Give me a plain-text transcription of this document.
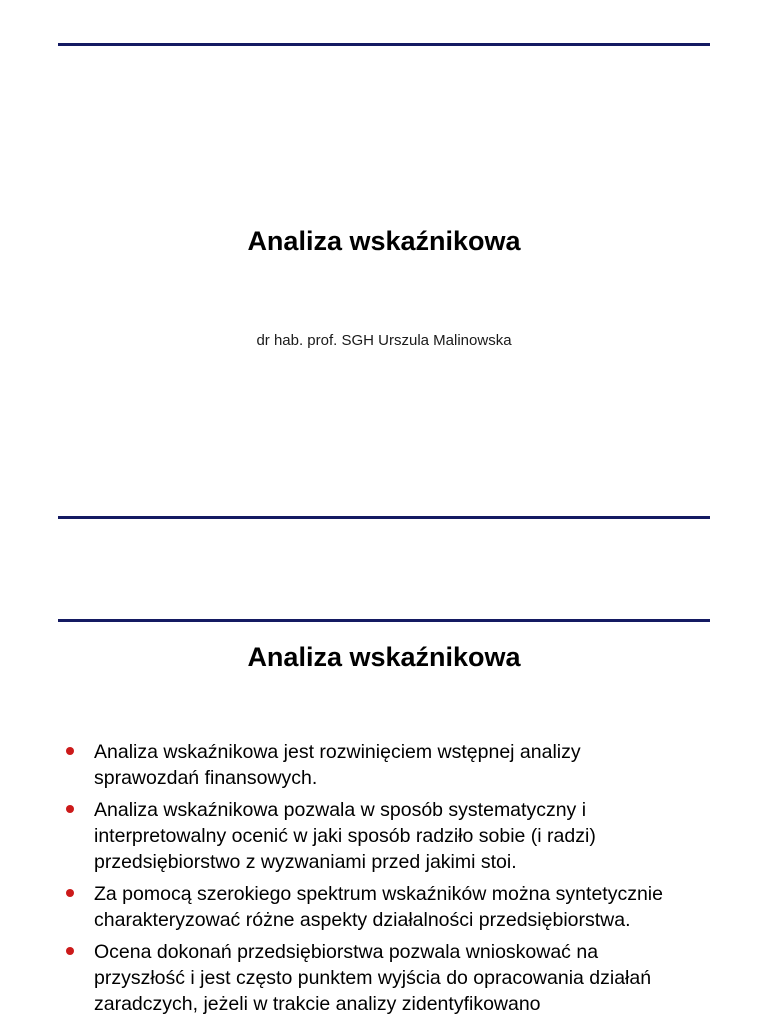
Analiza wskaźnikowa

dr hab. prof. SGH Urszula Malinowska

Analiza wskaźnikowa
Analiza wskaźnikowa jest rozwinięciem wstępnej analizy sprawozdań finansowych.
Analiza wskaźnikowa pozwala w sposób systematyczny i interpretowalny ocenić w jaki sposób radziło sobie (i radzi) przedsiębiorstwo z wyzwaniami przed jakimi stoi.
Za pomocą szerokiego spektrum wskaźników można syntetycznie charakteryzować różne aspekty działalności przedsiębiorstwa.
Ocena dokonań przedsiębiorstwa pozwala wnioskować na przyszłość i jest często punktem wyjścia do opracowania działań zaradczych, jeżeli w trakcie analizy zidentyfikowano
